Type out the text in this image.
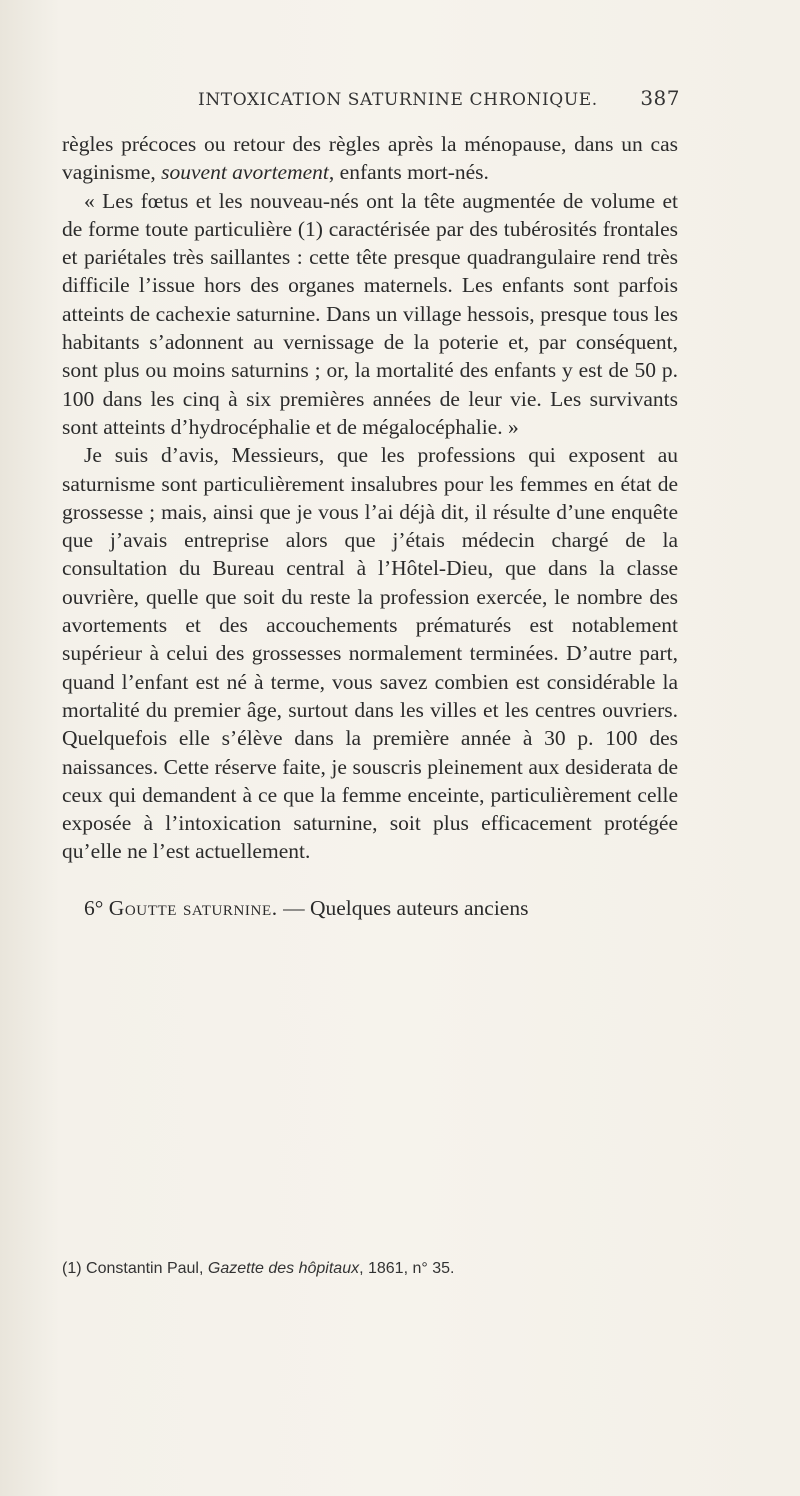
INTOXICATION SATURNINE CHRONIQUE. 387

règles précoces ou retour des règles après la ménopause, dans un cas vaginisme, souvent avortement, enfants mort-nés.

« Les fœtus et les nouveau-nés ont la tête augmentée de volume et de forme toute particulière (1) caractérisée par des tubérosités frontales et pariétales très saillantes : cette tête presque quadrangulaire rend très difficile l’issue hors des organes maternels. Les enfants sont parfois atteints de cachexie saturnine. Dans un village hessois, presque tous les habitants s’adonnent au vernissage de la poterie et, par conséquent, sont plus ou moins saturnins ; or, la mortalité des enfants y est de 50 p. 100 dans les cinq à six premières années de leur vie. Les survivants sont atteints d’hydrocéphalie et de mégalocéphalie. »

Je suis d’avis, Messieurs, que les professions qui exposent au saturnisme sont particulièrement insalubres pour les femmes en état de grossesse ; mais, ainsi que je vous l’ai déjà dit, il résulte d’une enquête que j’avais entreprise alors que j’étais médecin chargé de la consultation du Bureau central à l’Hôtel-Dieu, que dans la classe ouvrière, quelle que soit du reste la profession exercée, le nombre des avortements et des accouchements prématurés est notablement supérieur à celui des grossesses normalement terminées. D’autre part, quand l’enfant est né à terme, vous savez combien est considérable la mortalité du premier âge, surtout dans les villes et les centres ouvriers. Quelquefois elle s’élève dans la première année à 30 p. 100 des naissances. Cette réserve faite, je souscris pleinement aux desiderata de ceux qui demandent à ce que la femme enceinte, particulièrement celle exposée à l’intoxication saturnine, soit plus efficacement protégée qu’elle ne l’est actuellement.

6° Goutte saturnine. — Quelques auteurs anciens

(1) Constantin Paul, Gazette des hôpitaux, 1861, n° 35.
